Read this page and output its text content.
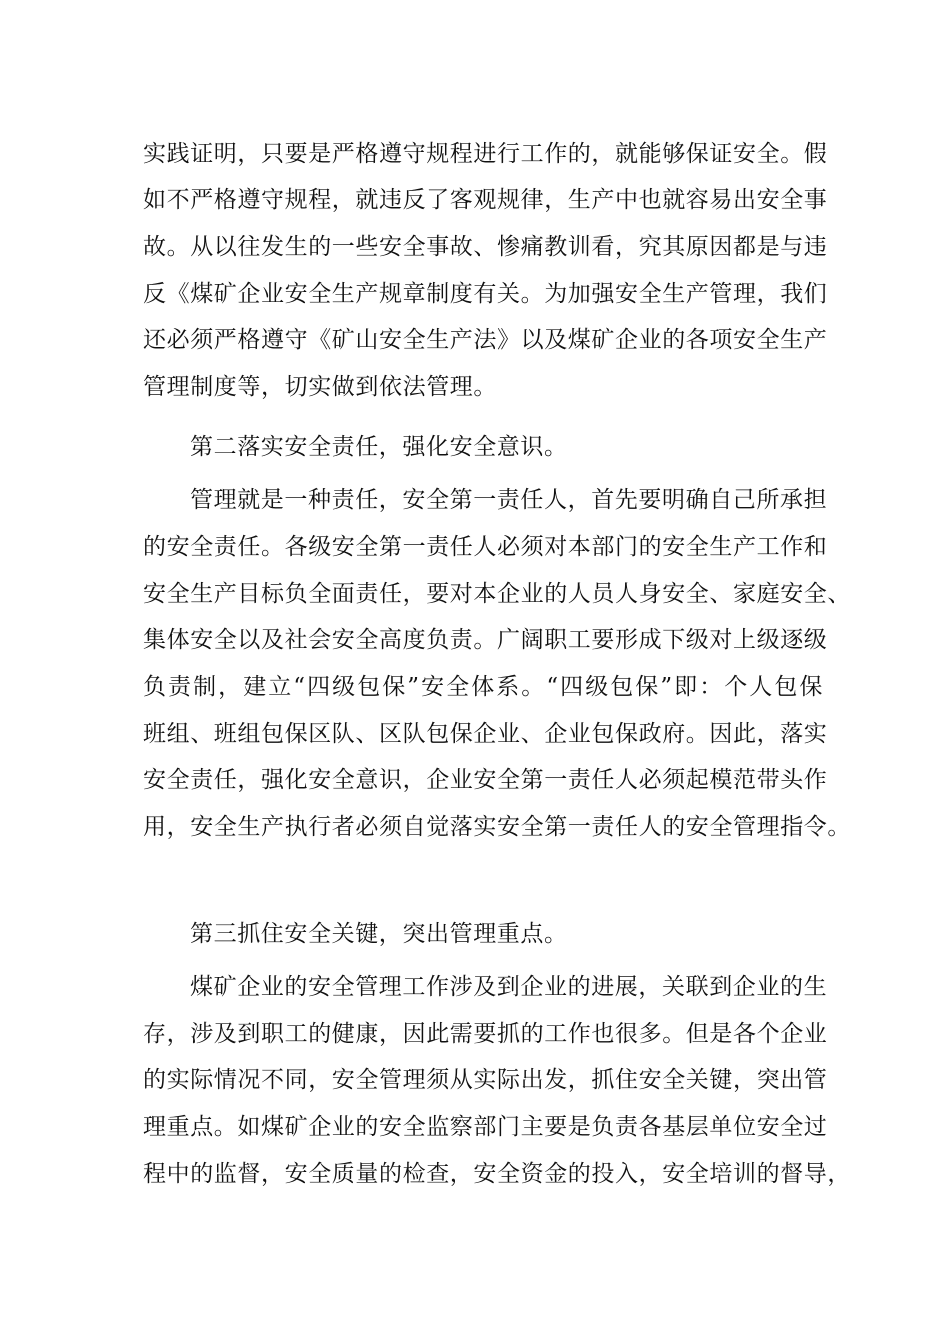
实践证明，只要是严格遵守规程进行工作的，就能够保证安全。假
如不严格遵守规程，就违反了客观规律，生产中也就容易出安全事
故。从以往发生的一些安全事故、惨痛教训看，究其原因都是与违
反《煤矿企业安全生产规章制度有关。为加强安全生产管理，我们
还必须严格遵守《矿山安全生产法》以及煤矿企业的各项安全生产
管理制度等，切实做到依法管理。
第二落实安全责任，强化安全意识。
管理就是一种责任，安全第一责任人，首先要明确自己所承担
的安全责任。各级安全第一责任人必须对本部门的安全生产工作和
安全生产目标负全面责任，要对本企业的人员人身安全、家庭安全、
集体安全以及社会安全高度负责。广阔职工要形成下级对上级逐级
负责制，建立“四级包保”安全体系。“四级包保”即：个人包保
班组、班组包保区队、区队包保企业、企业包保政府。因此，落实
安全责任，强化安全意识，企业安全第一责任人必须起模范带头作
用，安全生产执行者必须自觉落实安全第一责任人的安全管理指令。
第三抓住安全关键，突出管理重点。
煤矿企业的安全管理工作涉及到企业的进展，关联到企业的生
存，涉及到职工的健康，因此需要抓的工作也很多。但是各个企业
的实际情况不同，安全管理须从实际出发，抓住安全关键，突出管
理重点。如煤矿企业的安全监察部门主要是负责各基层单位安全过
程中的监督，安全质量的检查，安全资金的投入，安全培训的督导，
